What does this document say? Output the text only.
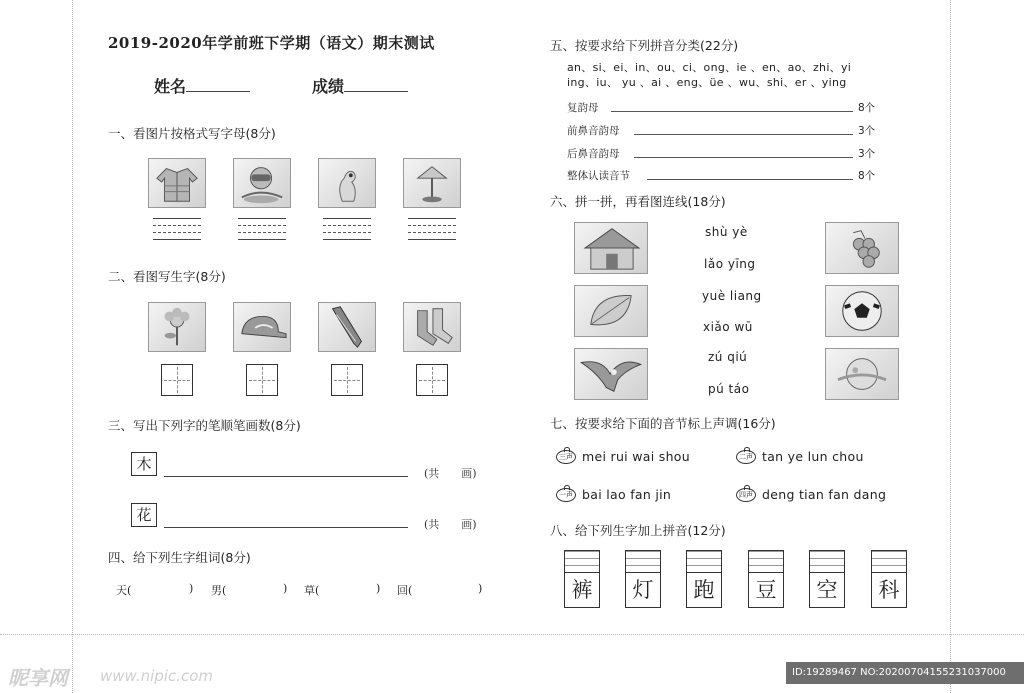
2019-2020年学前班下学期（语文）期末测试
姓名	成绩
一、看图片按格式写字母(8分)
二、看图写生字(8分)
三、写出下列字的笔顺笔画数(8分)
木
(共 画)
花
(共 画)
四、给下列生字组词(8分)
天(	) 男(	) 草(	) 回(	)
五、按要求给下列拼音分类(22分)
an、si、ei、in、ou、ci、ong、ie 、en、ao、zhi、yi
ing、iu、 yu 、ai 、eng、üe 、wu、shi、er 、ying
复韵母	8个
前鼻音韵母	3个
后鼻音韵母	3个
整体认读音节	8个
六、拼一拼，再看图连线(18分)
shù yè
lǎo yīng
yuè liang
xiǎo wū
zú qiú
pú táo
七、按要求给下面的音节标上声调(16分)
三声 mei rui wai shou	二声 tan ye lun chou
一声 bai lao fan jin	四声 deng tian fan dang
八、给下列生字加上拼音(12分)
裤	灯	跑	豆	空	科
昵享网 www.nipic.com	ID:19289467 NO:20200704155231037000
